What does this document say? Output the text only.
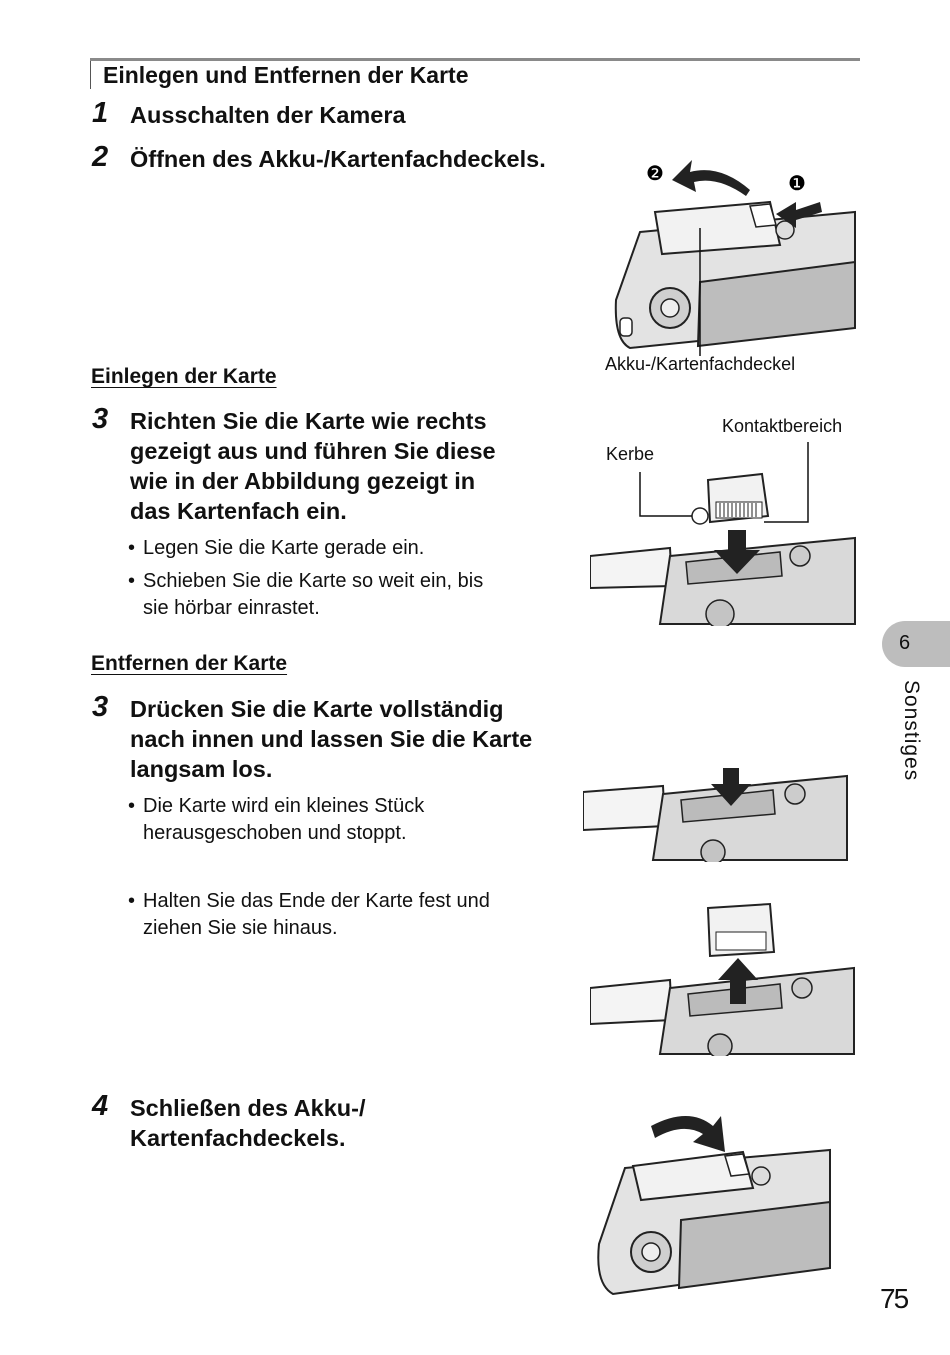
Einlegen und Entfernen der Karte
1 Ausschalten der Kamera
2 Öffnen des Akku-/Kartenfachdeckels.
❷	❶
Akku-/Kartenfachdeckel
Einlegen der Karte
3 Richten Sie die Karte wie rechts
gezeigt aus und führen Sie diese
wie in der Abbildung gezeigt in
das Kartenfach ein.
• Legen Sie die Karte gerade ein.
• Schieben Sie die Karte so weit ein, bis
sie hörbar einrastet.
Kontaktbereich
Kerbe
Entfernen der Karte
3 Drücken Sie die Karte vollständig
nach innen und lassen Sie die Karte
langsam los.
• Die Karte wird ein kleines Stück
herausgeschoben und stoppt.
• Halten Sie das Ende der Karte fest und
ziehen Sie sie hinaus.
4 Schließen des Akku-/
Kartenfachdeckels.
6
Sonstiges
75
